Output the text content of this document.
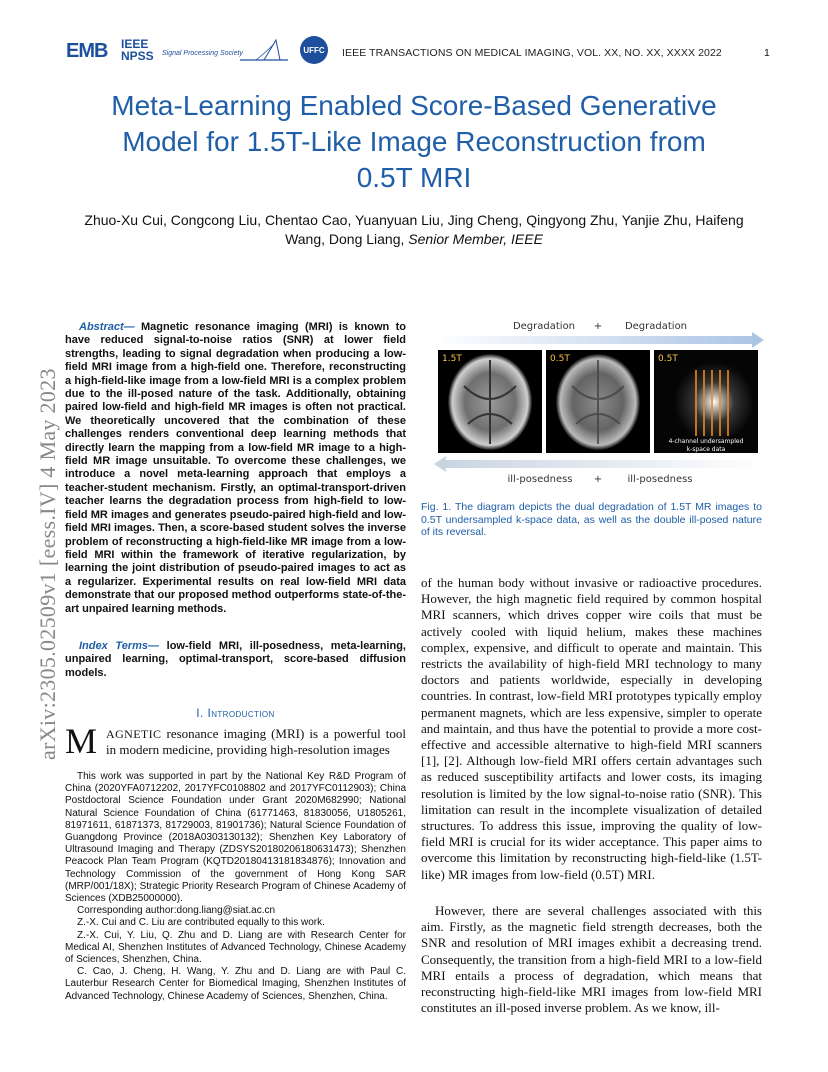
EMB IEEE NPSS	Signal Processing Society	UFFC	IEEE TRANSACTIONS ON MEDICAL IMAGING, VOL. XX, NO. XX, XXXX 2022	1
arXiv:2305.02509v1 [eess.IV] 4 May 2023
Meta-Learning Enabled Score-Based Generative Model for 1.5T-Like Image Reconstruction from 0.5T MRI
Zhuo-Xu Cui, Congcong Liu, Chentao Cao, Yuanyuan Liu, Jing Cheng, Qingyong Zhu, Yanjie Zhu, Haifeng Wang, Dong Liang, Senior Member, IEEE
Abstract— Magnetic resonance imaging (MRI) is known to have reduced signal-to-noise ratios (SNR) at lower field strengths, leading to signal degradation when producing a low-field MRI image from a high-field one. Therefore, reconstructing a high-field-like image from a low-field MRI is a complex problem due to the ill-posed nature of the task. Additionally, obtaining paired low-field and high-field MR images is often not practical. We theoretically uncovered that the combination of these challenges renders conventional deep learning methods that directly learn the mapping from a low-field MR image to a high-field MR image unsuitable. To overcome these challenges, we introduce a novel meta-learning approach that employs a teacher-student mechanism. Firstly, an optimal-transport-driven teacher learns the degradation process from high-field to low-field MR images and generates pseudo-paired high-field and low-field MRI images. Then, a score-based student solves the inverse problem of reconstructing a high-field-like MR image from a low-field MRI within the framework of iterative regularization, by learning the joint distribution of pseudo-paired images to act as a regularizer. Experimental results on real low-field MRI data demonstrate that our proposed method outperforms state-of-the-art unpaired learning methods.
Index Terms— low-field MRI, ill-posedness, meta-learning, unpaired learning, optimal-transport, score-based diffusion models.
I. Introduction
M AGNETIC resonance imaging (MRI) is a powerful tool in modern medicine, providing high-resolution images

This work was supported in part by the National Key R&D Program of China (2020YFA0712202, 2017YFC0108802 and 2017YFC0112903); China Postdoctoral Science Foundation under Grant 2020M682990; National Natural Science Foundation of China (61771463, 81830056, U1805261, 81971611, 61871373, 81729003, 81901736); Natural Science Foundation of Guangdong Province (2018A0303130132); Shenzhen Key Laboratory of Ultrasound Imaging and Therapy (ZDSYS20180206180631473); Shenzhen Peacock Plan Team Program (KQTD20180413181834876); Innovation and Technology Commission of the government of Hong Kong SAR (MRP/001/18X); Strategic Priority Research Program of Chinese Academy of Sciences (XDB25000000).

Corresponding author:dong.liang@siat.ac.cn

Z.-X. Cui and C. Liu are contributed equally to this work.

Z.-X. Cui, Y. Liu, Q. Zhu and D. Liang are with Research Center for Medical AI, Shenzhen Institutes of Advanced Technology, Chinese Academy of Sciences, Shenzhen, China.

C. Cao, J. Cheng, H. Wang, Y. Zhu and D. Liang are with Paul C. Lauterbur Research Center for Biomedical Imaging, Shenzhen Institutes of Advanced Technology, Chinese Academy of Sciences, Shenzhen, China.

Degradation + Degradation
1.5T	0.5T	0.5T
4-channel undersampled
k-space data
ill-posedness +	ill-posedness
Fig. 1. The diagram depicts the dual degradation of 1.5T MR images to 0.5T undersampled k-space data, as well as the double ill-posed nature of its reversal.
of the human body without invasive or radioactive procedures. However, the high magnetic field required by common hospital MRI scanners, which drives copper wire coils that must be actively cooled with liquid helium, makes these machines complex, expensive, and difficult to operate and maintain. This restricts the availability of high-field MRI technology to many doctors and patients worldwide, especially in developing countries. In contrast, low-field MRI prototypes typically employ permanent magnets, which are less expensive, simpler to operate and maintain, and thus have the potential to provide a more cost-effective and accessible alternative to high-field MRI scanners [1], [2]. Although low-field MRI offers certain advantages such as reduced susceptibility artifacts and lower costs, its imaging resolution is limited by the low signal-to-noise ratio (SNR). This limitation can result in the incomplete visualization of detailed structures. To address this issue, improving the quality of low-field MRI is crucial for its wider acceptance. This paper aims to overcome this limitation by reconstructing high-field-like (1.5T-like) MR images from low-field (0.5T) MRI.
However, there are several challenges associated with this aim. Firstly, as the magnetic field strength decreases, both the SNR and resolution of MRI images exhibit a decreasing trend. Consequently, the transition from a high-field MRI to a low-field MRI entails a process of degradation, which means that reconstructing high-field-like MRI images from low-field MRI constitutes an ill-posed inverse problem. As we know, ill-
